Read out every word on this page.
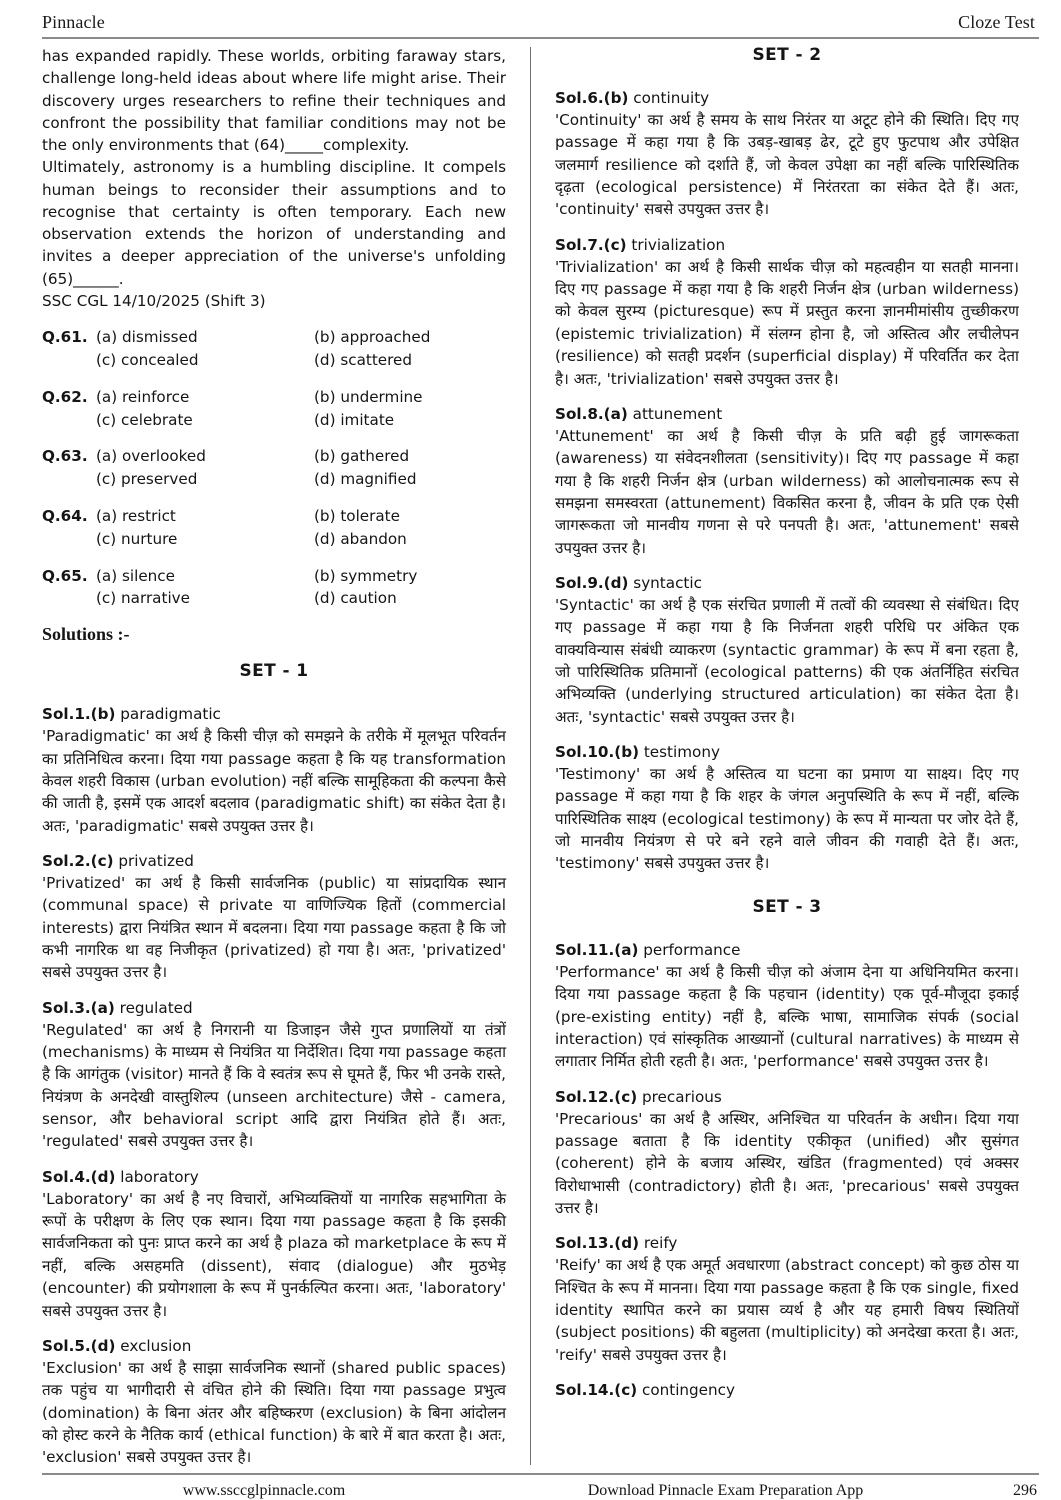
Pinnacle	Cloze Test
has expanded rapidly. These worlds, orbiting faraway stars, challenge long-held ideas about where life might arise. Their discovery urges researchers to refine their techniques and confront the possibility that familiar conditions may not be the only environments that (64)_____complexity.
Ultimately, astronomy is a humbling discipline. It compels human beings to reconsider their assumptions and to recognise that certainty is often temporary. Each new observation extends the horizon of understanding and invites a deeper appreciation of the universe's unfolding (65)______.
SSC CGL 14/10/2025 (Shift 3)
Q.61. (a) dismissed	(b) approached
(c) concealed	(d) scattered
Q.62. (a) reinforce	(b) undermine
(c) celebrate	(d) imitate
Q.63. (a) overlooked	(b) gathered
(c) preserved	(d) magnified
Q.64. (a) restrict	(b) tolerate
(c) nurture	(d) abandon
Q.65. (a) silence	(b) symmetry
(c) narrative	(d) caution
Solutions :-
SET - 1
Sol.1.(b) paradigmatic
'Paradigmatic' का अर्थ है किसी चीज़ को समझने के तरीके में मूलभूत परिवर्तन का प्रतिनिधित्व करना। दिया गया passage कहता है कि यह transformation केवल शहरी विकास (urban evolution) नहीं बल्कि सामूहिकता की कल्पना कैसे की जाती है, इसमें एक आदर्श बदलाव (paradigmatic shift) का संकेत देता है। अतः, 'paradigmatic' सबसे उपयुक्त उत्तर है।
Sol.2.(c) privatized
'Privatized' का अर्थ है किसी सार्वजनिक (public) या सांप्रदायिक स्थान (communal space) से private या वाणिज्यिक हितों (commercial interests) द्वारा नियंत्रित स्थान में बदलना। दिया गया passage कहता है कि जो कभी नागरिक था वह निजीकृत (privatized) हो गया है। अतः, 'privatized' सबसे उपयुक्त उत्तर है।
Sol.3.(a) regulated
'Regulated' का अर्थ है निगरानी या डिजाइन जैसे गुप्त प्रणालियों या तंत्रों (mechanisms) के माध्यम से नियंत्रित या निर्देशित। दिया गया passage कहता है कि आगंतुक (visitor) मानते हैं कि वे स्वतंत्र रूप से घूमते हैं, फिर भी उनके रास्ते, नियंत्रण के अनदेखी वास्तुशिल्प (unseen architecture) जैसे - camera, sensor, और behavioral script आदि द्वारा नियंत्रित होते हैं। अतः, 'regulated' सबसे उपयुक्त उत्तर है।
Sol.4.(d) laboratory
'Laboratory' का अर्थ है नए विचारों, अभिव्यक्तियों या नागरिक सहभागिता के रूपों के परीक्षण के लिए एक स्थान। दिया गया passage कहता है कि इसकी सार्वजनिकता को पुनः प्राप्त करने का अर्थ है plaza को marketplace के रूप में नहीं, बल्कि असहमति (dissent), संवाद (dialogue) और मुठभेड़ (encounter) की प्रयोगशाला के रूप में पुनर्कल्पित करना। अतः, 'laboratory' सबसे उपयुक्त उत्तर है।
Sol.5.(d) exclusion
'Exclusion' का अर्थ है साझा सार्वजनिक स्थानों (shared public spaces) तक पहुंच या भागीदारी से वंचित होने की स्थिति। दिया गया passage प्रभुत्व (domination) के बिना अंतर और बहिष्करण (exclusion) के बिना आंदोलन को होस्ट करने के नैतिक कार्य (ethical function) के बारे में बात करता है। अतः, 'exclusion' सबसे उपयुक्त उत्तर है।
SET - 2
Sol.6.(b) continuity
'Continuity' का अर्थ है समय के साथ निरंतर या अटूट होने की स्थिति। दिए गए passage में कहा गया है कि उबड़-खाबड़ ढेर, टूटे हुए फुटपाथ और उपेक्षित जलमार्ग resilience को दर्शाते हैं, जो केवल उपेक्षा का नहीं बल्कि पारिस्थितिक दृढ़ता (ecological persistence) में निरंतरता का संकेत देते हैं। अतः, 'continuity' सबसे उपयुक्त उत्तर है।
Sol.7.(c) trivialization
'Trivialization' का अर्थ है किसी सार्थक चीज़ को महत्वहीन या सतही मानना। दिए गए passage में कहा गया है कि शहरी निर्जन क्षेत्र (urban wilderness) को केवल सुरम्य (picturesque) रूप में प्रस्तुत करना ज्ञानमीमांसीय तुच्छीकरण (epistemic trivialization) में संलग्न होना है, जो अस्तित्व और लचीलेपन (resilience) को सतही प्रदर्शन (superficial display) में परिवर्तित कर देता है। अतः, 'trivialization' सबसे उपयुक्त उत्तर है।
Sol.8.(a) attunement
'Attunement' का अर्थ है किसी चीज़ के प्रति बढ़ी हुई जागरूकता (awareness) या संवेदनशीलता (sensitivity)। दिए गए passage में कहा गया है कि शहरी निर्जन क्षेत्र (urban wilderness) को आलोचनात्मक रूप से समझना समस्वरता (attunement) विकसित करना है, जीवन के प्रति एक ऐसी जागरूकता जो मानवीय गणना से परे पनपती है। अतः, 'attunement' सबसे उपयुक्त उत्तर है।
Sol.9.(d) syntactic
'Syntactic' का अर्थ है एक संरचित प्रणाली में तत्वों की व्यवस्था से संबंधित। दिए गए passage में कहा गया है कि निर्जनता शहरी परिधि पर अंकित एक वाक्यविन्यास संबंधी व्याकरण (syntactic grammar) के रूप में बना रहता है, जो पारिस्थितिक प्रतिमानों (ecological patterns) की एक अंतर्निहित संरचित अभिव्यक्ति (underlying structured articulation) का संकेत देता है। अतः, 'syntactic' सबसे उपयुक्त उत्तर है।
Sol.10.(b) testimony
'Testimony' का अर्थ है अस्तित्व या घटना का प्रमाण या साक्ष्य। दिए गए passage में कहा गया है कि शहर के जंगल अनुपस्थिति के रूप में नहीं, बल्कि पारिस्थितिक साक्ष्य (ecological testimony) के रूप में मान्यता पर जोर देते हैं, जो मानवीय नियंत्रण से परे बने रहने वाले जीवन की गवाही देते हैं। अतः, 'testimony' सबसे उपयुक्त उत्तर है।
SET - 3
Sol.11.(a) performance
'Performance' का अर्थ है किसी चीज़ को अंजाम देना या अधिनियमित करना। दिया गया passage कहता है कि पहचान (identity) एक पूर्व-मौजूदा इकाई (pre-existing entity) नहीं है, बल्कि भाषा, सामाजिक संपर्क (social interaction) एवं सांस्कृतिक आख्यानों (cultural narratives) के माध्यम से लगातार निर्मित होती रहती है। अतः, 'performance' सबसे उपयुक्त उत्तर है।
Sol.12.(c) precarious
'Precarious' का अर्थ है अस्थिर, अनिश्चित या परिवर्तन के अधीन। दिया गया passage बताता है कि identity एकीकृत (unified) और सुसंगत (coherent) होने के बजाय अस्थिर, खंडित (fragmented) एवं अक्सर विरोधाभासी (contradictory) होती है। अतः, 'precarious' सबसे उपयुक्त उत्तर है।
Sol.13.(d) reify
'Reify' का अर्थ है एक अमूर्त अवधारणा (abstract concept) को कुछ ठोस या निश्चित के रूप में मानना। दिया गया passage कहता है कि एक single, fixed identity स्थापित करने का प्रयास व्यर्थ है और यह हमारी विषय स्थितियों (subject positions) की बहुलता (multiplicity) को अनदेखा करता है। अतः, 'reify' सबसे उपयुक्त उत्तर है।
Sol.14.(c) contingency
www.ssccglpinnacle.com	Download Pinnacle Exam Preparation App	296
